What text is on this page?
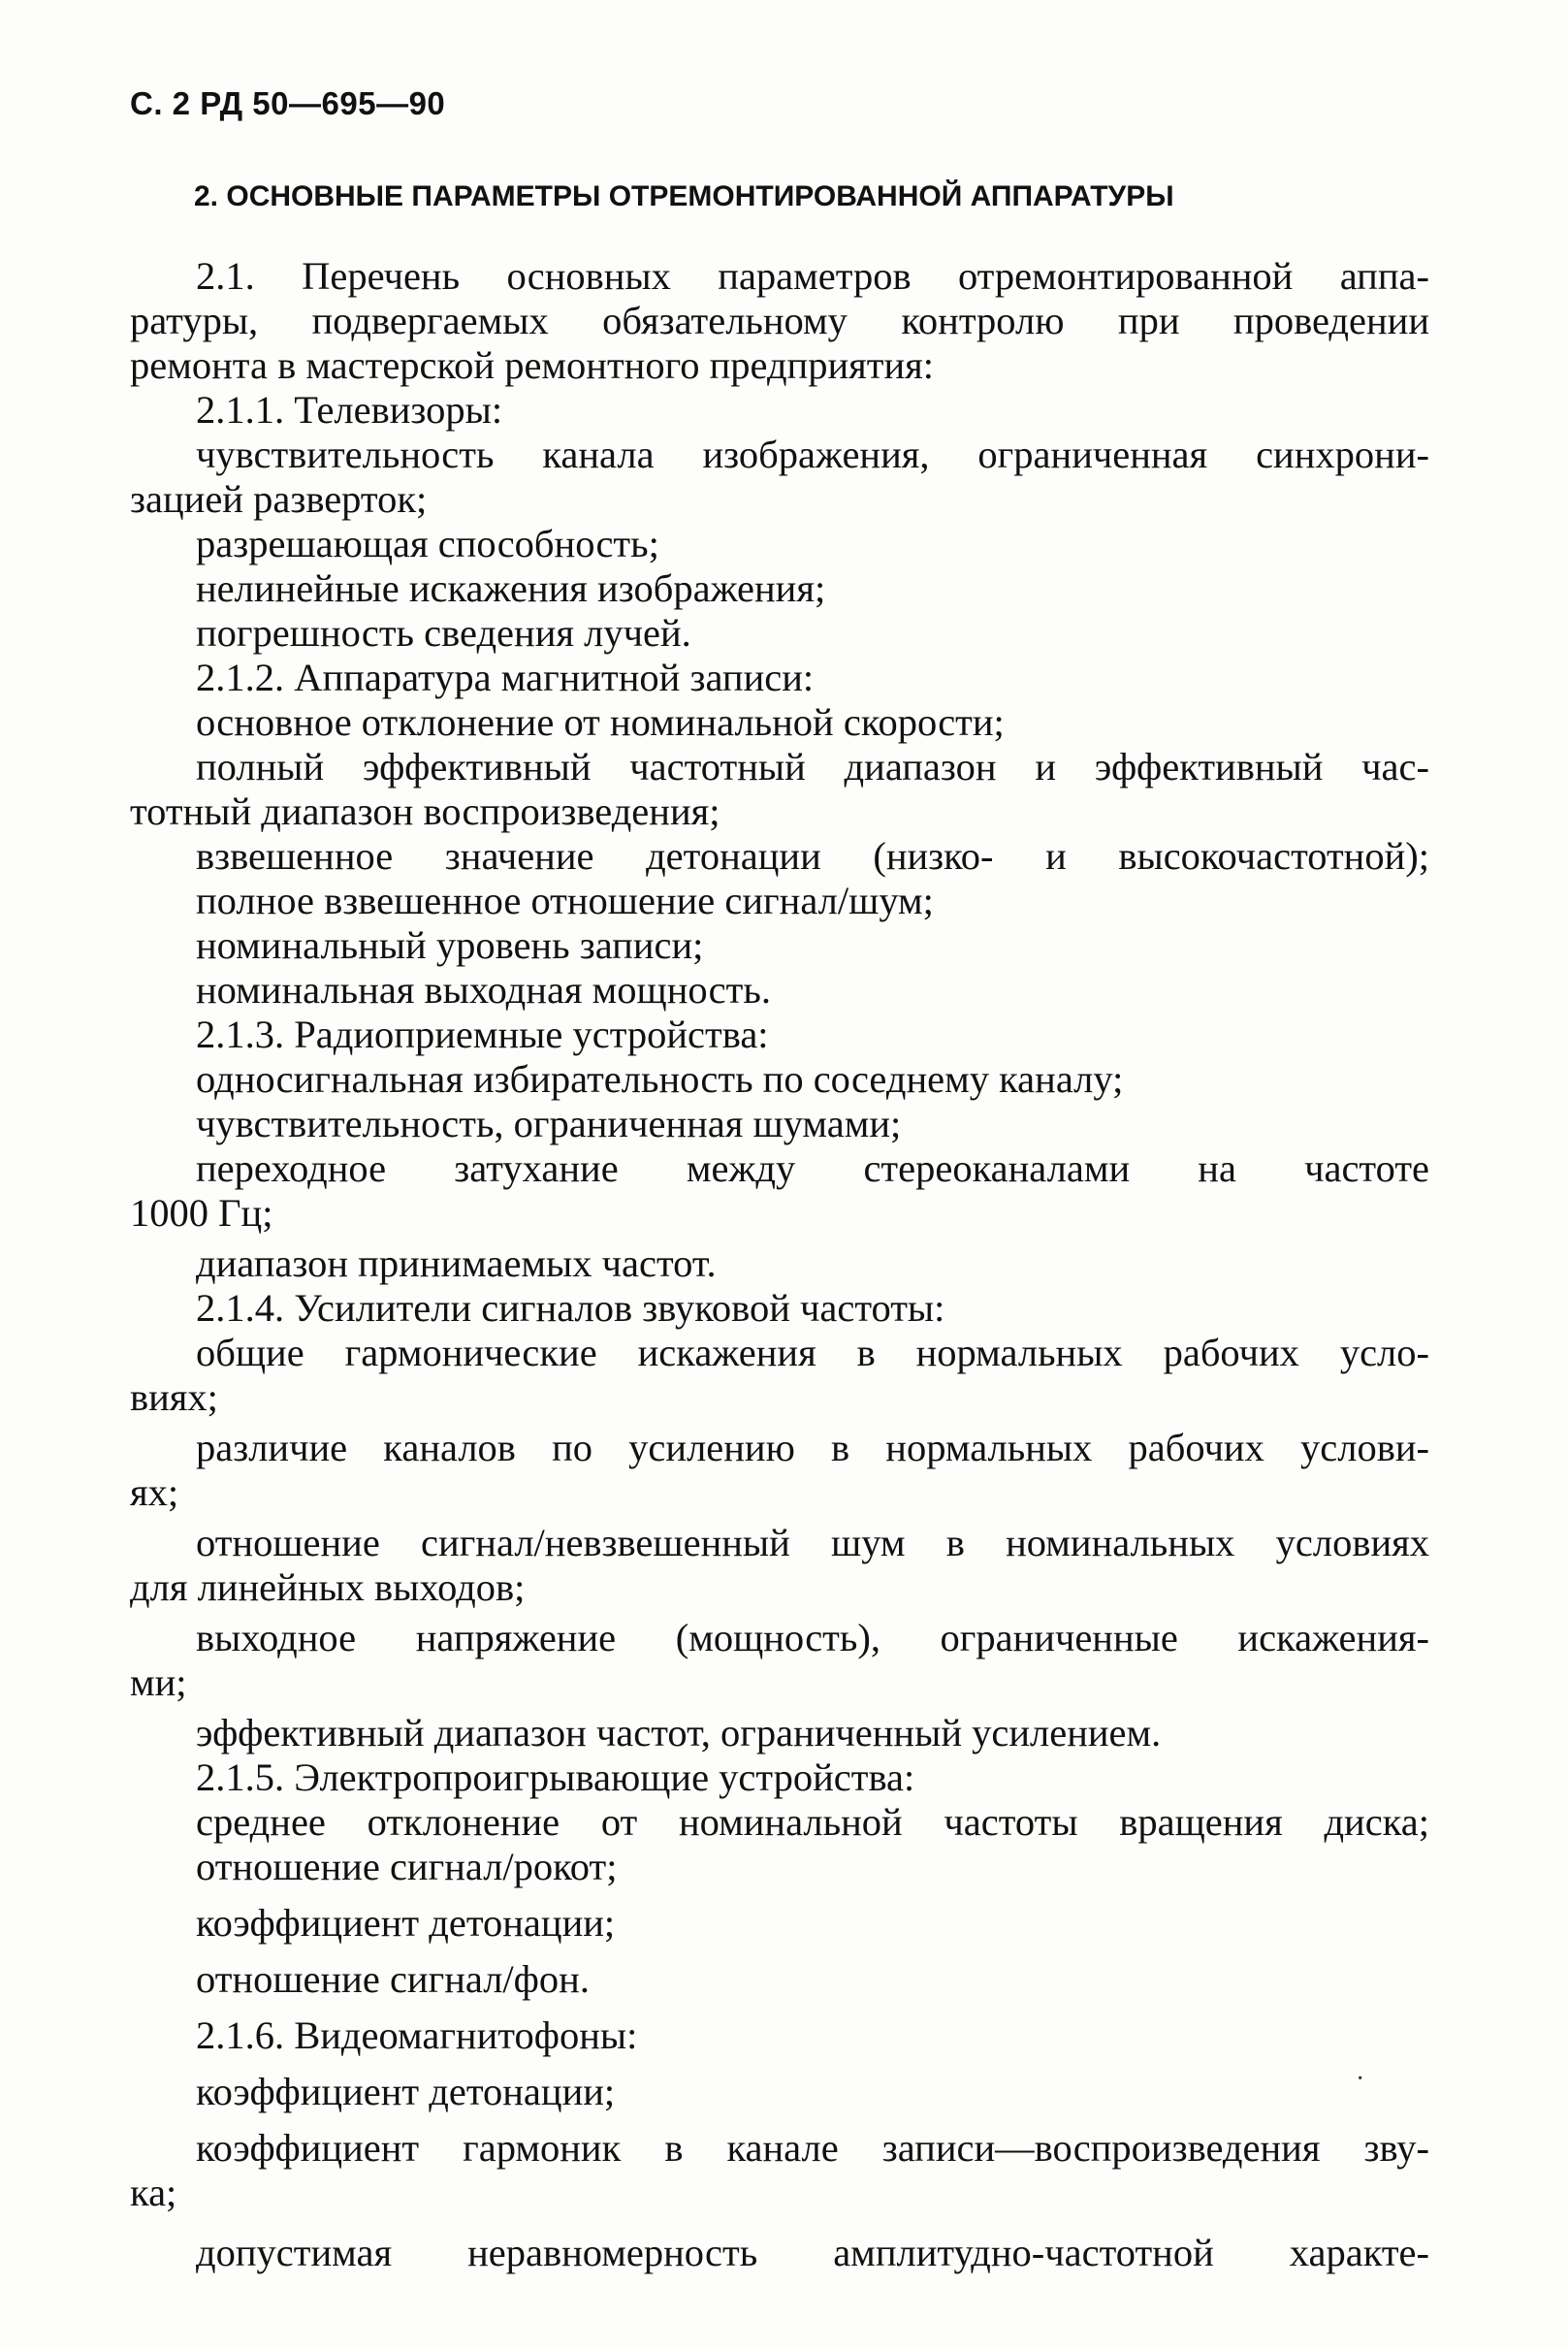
С. 2 РД 50—695—90
2. ОСНОВНЫЕ ПАРАМЕТРЫ ОТРЕМОНТИРОВАННОЙ АППАРАТУРЫ
2.1. Перечень основных параметров отремонтированной аппа-
ратуры, подвергаемых обязательному контролю при проведении
ремонта в мастерской ремонтного предприятия:
2.1.1. Телевизоры:
чувствительность канала изображения, ограниченная синхрони-
зацией разверток;
разрешающая способность;
нелинейные искажения изображения;
погрешность сведения лучей.
2.1.2. Аппаратура магнитной записи:
основное отклонение от номинальной скорости;
полный эффективный частотный диапазон и эффективный час-
тотный диапазон воспроизведения;
взвешенное значение детонации (низко- и высокочастотной);
полное взвешенное отношение сигнал/шум;
номинальный уровень записи;
номинальная выходная мощность.
2.1.3. Радиоприемные устройства:
односигнальная избирательность по соседнему каналу;
чувствительность, ограниченная шумами;
переходное затухание между стереоканалами на частоте
1000 Гц;
диапазон принимаемых частот.
2.1.4. Усилители сигналов звуковой частоты:
общие гармонические искажения в нормальных рабочих усло-
виях;
различие каналов по усилению в нормальных рабочих услови-
ях;
отношение сигнал/невзвешенный шум в номинальных условиях
для линейных выходов;
выходное напряжение (мощность), ограниченные искажения-
ми;
эффективный диапазон частот, ограниченный усилением.
2.1.5. Электропроигрывающие устройства:
среднее отклонение от номинальной частоты вращения диска;
отношение сигнал/рокот;
коэффициент детонации;
отношение сигнал/фон.
2.1.6. Видеомагнитофоны:
коэффициент детонации;
коэффициент гармоник в канале записи—воспроизведения зву-
ка;
допустимая неравномерность амплитудно-частотной характе-
·
